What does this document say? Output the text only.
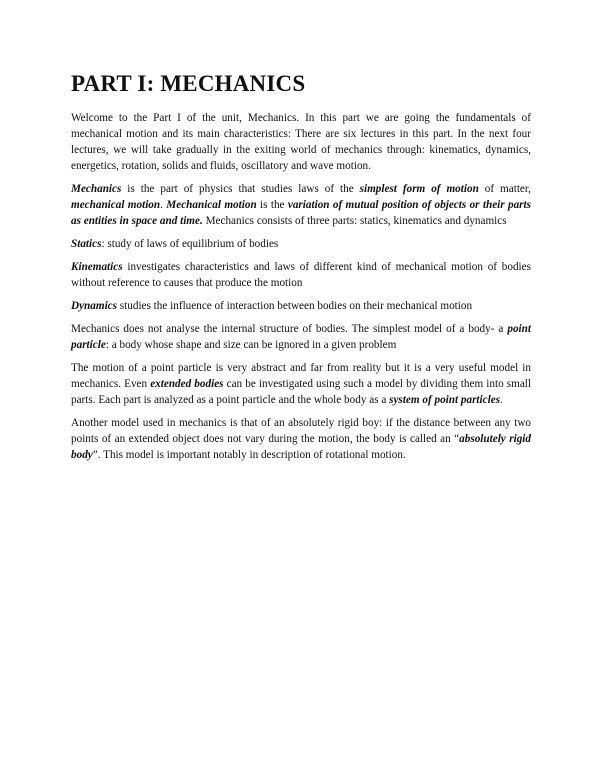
PART I: MECHANICS

Welcome to the Part I of the unit, Mechanics. In this part we are going the fundamentals of mechanical motion and its main characteristics: There are six lectures in this part. In the next four lectures, we will take gradually in the exiting world of mechanics through: kinematics, dynamics, energetics, rotation, solids and fluids, oscillatory and wave motion.

Mechanics is the part of physics that studies laws of the simplest form of motion of matter, mechanical motion. Mechanical motion is the variation of mutual position of objects or their parts as entities in space and time. Mechanics consists of three parts: statics, kinematics and dynamics

Statics: study of laws of equilibrium of bodies

Kinematics investigates characteristics and laws of different kind of mechanical motion of bodies without reference to causes that produce the motion

Dynamics studies the influence of interaction between bodies on their mechanical motion

Mechanics does not analyse the internal structure of bodies. The simplest model of a body- a point particle: a body whose shape and size can be ignored in a given problem

The motion of a point particle is very abstract and far from reality but it is a very useful model in mechanics. Even extended bodies can be investigated using such a model by dividing them into small parts. Each part is analyzed as a point particle and the whole body as a system of point particles.

Another model used in mechanics is that of an absolutely rigid boy: if the distance between any two points of an extended object does not vary during the motion, the body is called an “absolutely rigid body”. This model is important notably in description of rotational motion.
